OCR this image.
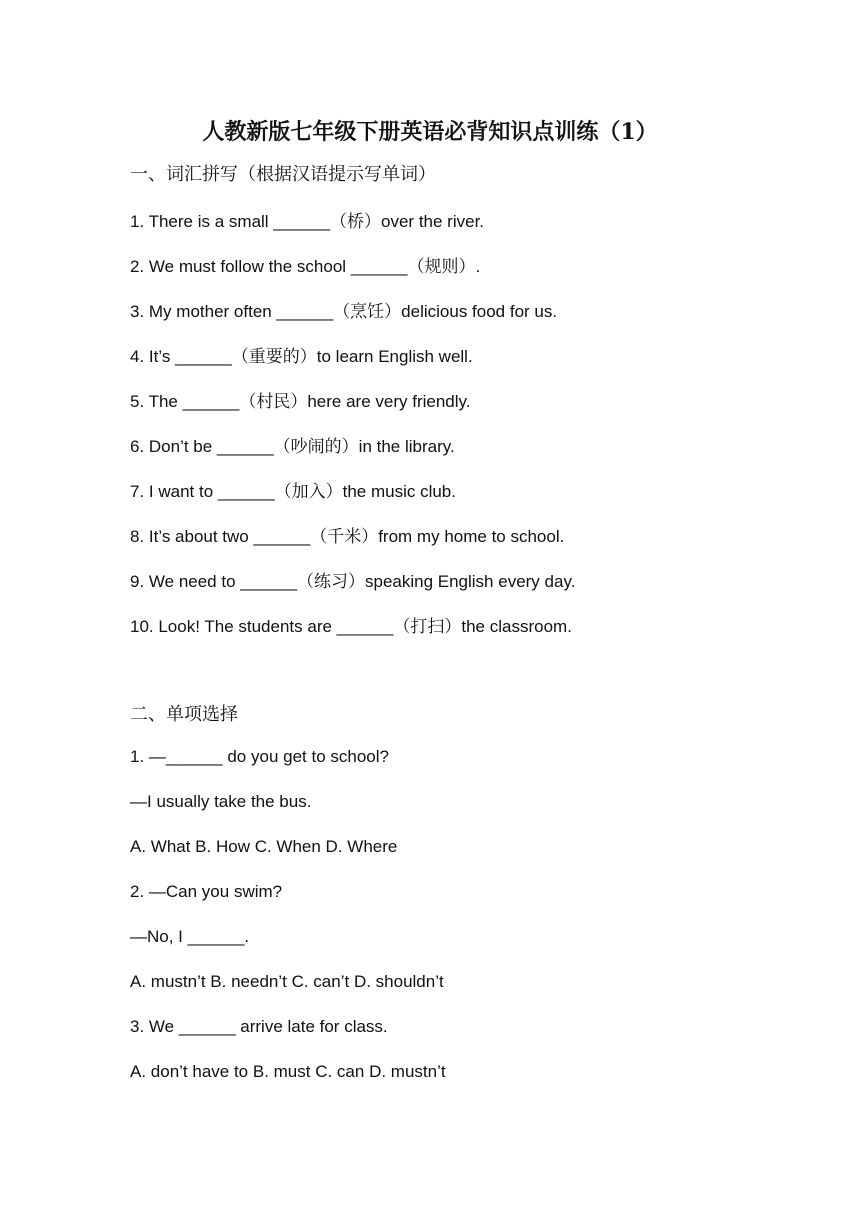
人教新版七年级下册英语必背知识点训练（1）
一、词汇拼写（根据汉语提示写单词）
1. There is a small ______（桥）over the river.
2. We must follow the school ______（规则）.
3. My mother often ______（烹饪）delicious food for us.
4. It’s ______（重要的）to learn English well.
5. The ______（村民）here are very friendly.
6. Don’t be ______（吵闹的）in the library.
7. I want to ______（加入）the music club.
8. It’s about two ______（千米）from my home to school.
9. We need to ______（练习）speaking English every day.
10. Look! The students are ______（打扫）the classroom.
二、单项选择
1. —______ do you get to school?
—I usually take the bus.
A. What B. How C. When D. Where
2. —Can you swim?
—No, I ______.
A. mustn’t B. needn’t C. can’t D. shouldn’t
3. We ______ arrive late for class.
A. don’t have to B. must C. can D. mustn’t
